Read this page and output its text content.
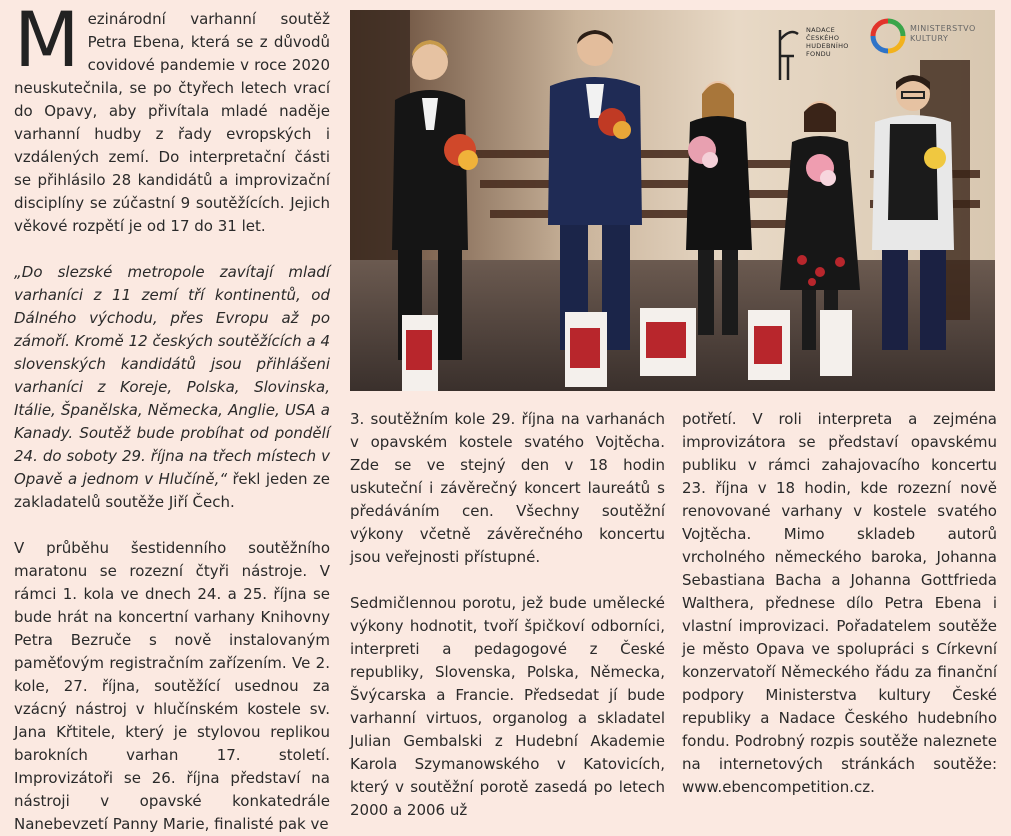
M ezinárodní varhanní soutěž Petra Ebena, která se z důvodů covidové pandemie v roce 2020 neuskutečnila, se po čtyřech letech vrací do Opavy, aby přivítala mladé naděje varhanní hudby z řady evropských i vzdálených zemí. Do interpretační části se přihlásilo 28 kandidátů a improvizační disciplíny se zúčastní 9 soutěžících. Jejich věkové rozpětí je od 17 do 31 let.

„Do slezské metropole zavítají mladí varhaníci z 11 zemí tří kontinentů, od Dálného východu, přes Evropu až po zámoří. Kromě 12 českých soutěžících a 4 slovenských kandidátů jsou přihlášeni varhaníci z Koreje, Polska, Slovinska, Itálie, Španělska, Německa, Anglie, USA a Kanady. Soutěž bude probíhat od pondělí 24. do soboty 29. října na třech místech v Opavě a jednom v Hlučíně,“ řekl jeden ze zakladatelů soutěže Jiří Čech.

V průběhu šestidenního soutěžního maratonu se rozezní čtyři nástroje. V rámci 1. kola ve dnech 24. a 25. října se bude hrát na koncertní varhany Knihovny Petra Bezruče s nově instalovaným paměťovým registračním zařízením. Ve 2. kole, 27. října, soutěžící usednou za vzácný nástroj v hlučínském kostele sv. Jana Křtitele, který je stylovou replikou barokních varhan 17. století. Improvizátoři se 26. října představí na nástroji v opavské konkatedrále Nanebevzetí Panny Marie, finalisté pak ve

MINISTERSTVO
KULTURY
NADACE
ČESKÉHO
HUDEBNÍHO
FONDU

3. soutěžním kole 29. října na varhanách v opavském kostele svatého Vojtěcha. Zde se ve stejný den v 18 hodin uskuteční i závěrečný koncert laureátů s předáváním cen. Všechny soutěžní výkony včetně závěrečného koncertu jsou veřejnosti přístupné.

Sedmičlennou porotu, jež bude umělecké výkony hodnotit, tvoří špičkoví odborníci, interpreti a pedagogové z České republiky, Slovenska, Polska, Německa, Švýcarska a Francie. Předsedat jí bude varhanní virtuos, organolog a skladatel Julian Gembalski z Hudební Akademie Karola Szymanowského v Katovicích, který v soutěžní porotě zasedá po letech 2000 a 2006 už

potřetí. V roli interpreta a zejména improvizátora se představí opavskému publiku v rámci zahajovacího koncertu 23. října v 18 hodin, kde rozezní nově renovované varhany v kostele svatého Vojtěcha. Mimo skladeb autorů vrcholného německého baroka, Johanna Sebastiana Bacha a Johanna Gottfrieda Walthera, přednese dílo Petra Ebena i vlastní improvizaci. Pořadatelem soutěže je město Opava ve spolupráci s Církevní konzervatoří Německého řádu za finanční podpory Ministerstva kultury České republiky a Nadace Českého hudebního fondu. Podrobný rozpis soutěže naleznete na internetových stránkách soutěže: www.ebencompetition.cz.
